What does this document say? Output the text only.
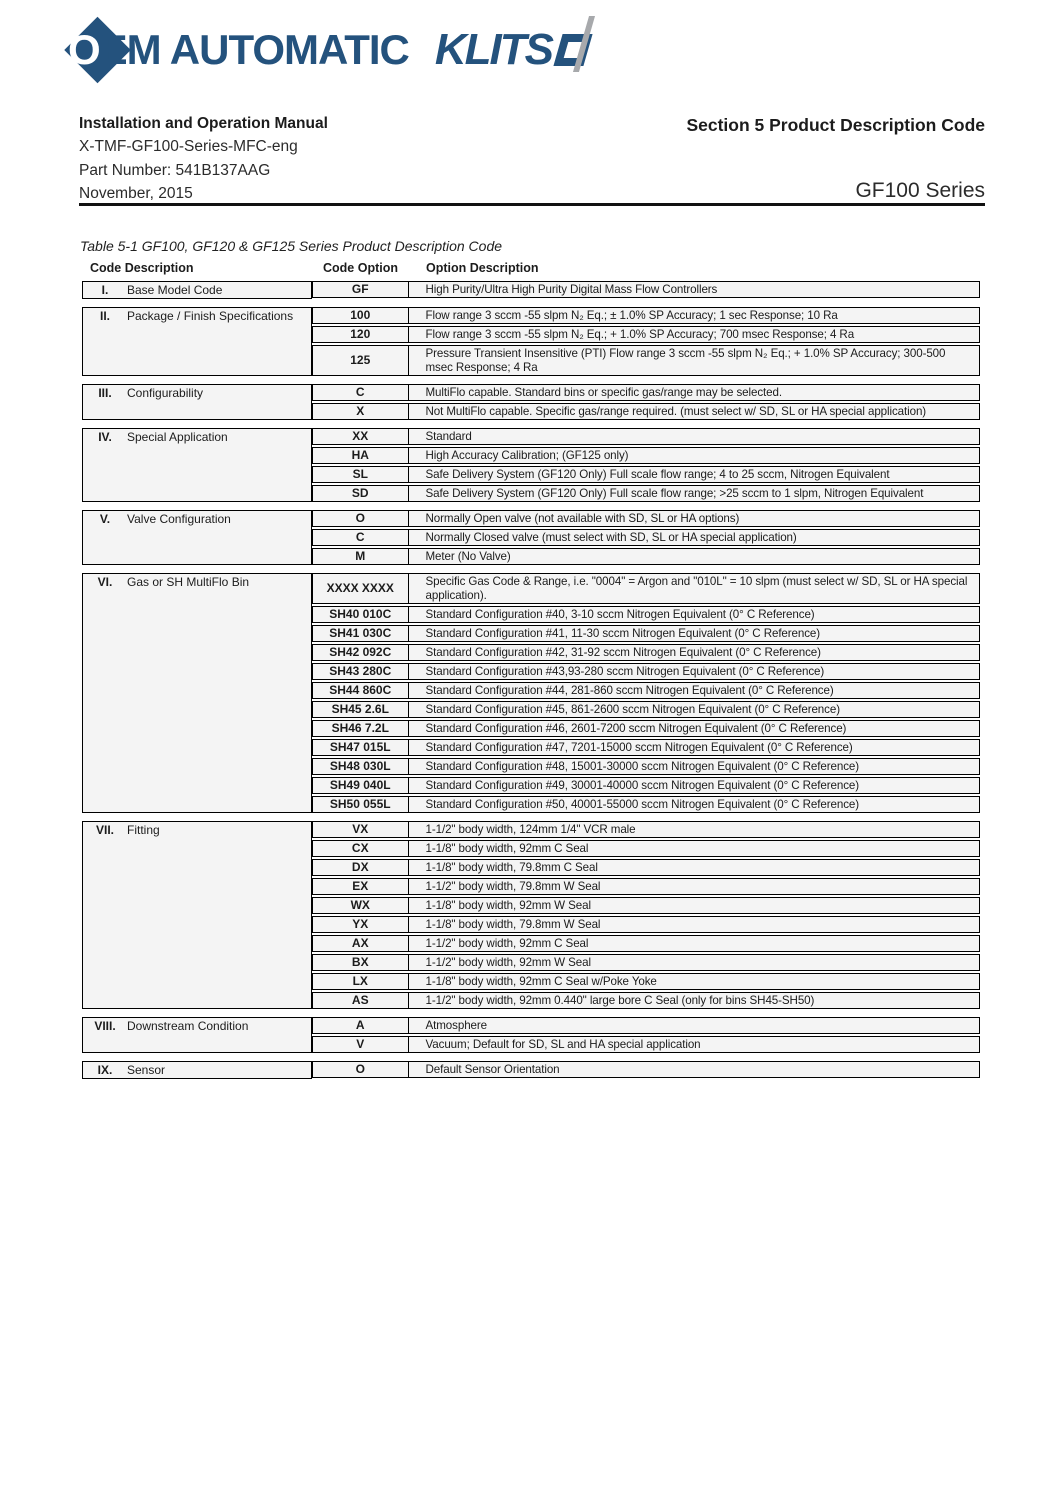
OEM AUTOMATIC KLITS
Installation and Operation Manual
X-TMF-GF100-Series-MFC-eng
Part Number: 541B137AAG
November, 2015
Section 5 Product Description Code
GF100 Series
Table 5-1 GF100, GF120 & GF125 Series Product Description Code
Code Description	Code Option	Option Description
I.	Base Model Code	GF	High Purity/Ultra High Purity Digital Mass Flow Controllers
II.	Package / Finish Specifications	100	Flow range 3 sccm -55 slpm N₂ Eq.; ± 1.0% SP Accuracy; 1 sec Response; 10 Ra
120	Flow range 3 sccm -55 slpm N₂ Eq.; + 1.0% SP Accuracy; 700 msec Response; 4 Ra
125	Pressure Transient Insensitive (PTI) Flow range 3 sccm -55 slpm N₂ Eq.; + 1.0% SP Accuracy; 300-500 msec Response; 4 Ra
III.	Configurability	C	MultiFlo capable. Standard bins or specific gas/range may be selected.
X	Not MultiFlo capable. Specific gas/range required. (must select w/ SD, SL or HA special application)
IV.	Special Application	XX	Standard
HA	High Accuracy Calibration; (GF125 only)
SL	Safe Delivery System (GF120 Only) Full scale flow range; 4 to 25 sccm, Nitrogen Equivalent
SD	Safe Delivery System (GF120 Only) Full scale flow range; >25 sccm to 1 slpm, Nitrogen Equivalent
V.	Valve Configuration	O	Normally Open valve (not available with SD, SL or HA options)
C	Normally Closed valve (must select with SD, SL or HA special application)
M	Meter (No Valve)
VI.	Gas or SH MultiFlo Bin	XXXX XXXX	Specific Gas Code & Range, i.e. "0004" = Argon and "010L" = 10 slpm (must select w/ SD, SL or HA special application).
SH40 010C	Standard Configuration #40, 3-10 sccm Nitrogen Equivalent (0° C Reference)
SH41 030C	Standard Configuration #41, 11-30 sccm Nitrogen Equivalent (0° C Reference)
SH42 092C	Standard Configuration #42, 31-92 sccm Nitrogen Equivalent (0° C Reference)
SH43 280C	Standard Configuration #43,93-280 sccm Nitrogen Equivalent (0° C Reference)
SH44 860C	Standard Configuration #44, 281-860 sccm Nitrogen Equivalent (0° C Reference)
SH45 2.6L	Standard Configuration #45, 861-2600 sccm Nitrogen Equivalent (0° C Reference)
SH46 7.2L	Standard Configuration #46, 2601-7200 sccm Nitrogen Equivalent (0° C Reference)
SH47 015L	Standard Configuration #47, 7201-15000 sccm Nitrogen Equivalent (0° C Reference)
SH48 030L	Standard Configuration #48, 15001-30000 sccm Nitrogen Equivalent (0° C Reference)
SH49 040L	Standard Configuration #49, 30001-40000 sccm Nitrogen Equivalent (0° C Reference)
SH50 055L	Standard Configuration #50, 40001-55000 sccm Nitrogen Equivalent (0° C Reference)
VII.	Fitting	VX	1-1/2" body width, 124mm 1/4" VCR male
CX	1-1/8" body width, 92mm C Seal
DX	1-1/8" body width, 79.8mm C Seal
EX	1-1/2" body width, 79.8mm W Seal
WX	1-1/8" body width, 92mm W Seal
YX	1-1/8" body width, 79.8mm W Seal
AX	1-1/2" body width, 92mm C Seal
BX	1-1/2" body width, 92mm W Seal
LX	1-1/8" body width, 92mm C Seal w/Poke Yoke
AS	1-1/2" body width, 92mm 0.440" large bore C Seal (only for bins SH45-SH50)
VIII. Downstream Condition	A	Atmosphere
V	Vacuum; Default for SD, SL and HA special application
IX.	Sensor	O	Default Sensor Orientation
